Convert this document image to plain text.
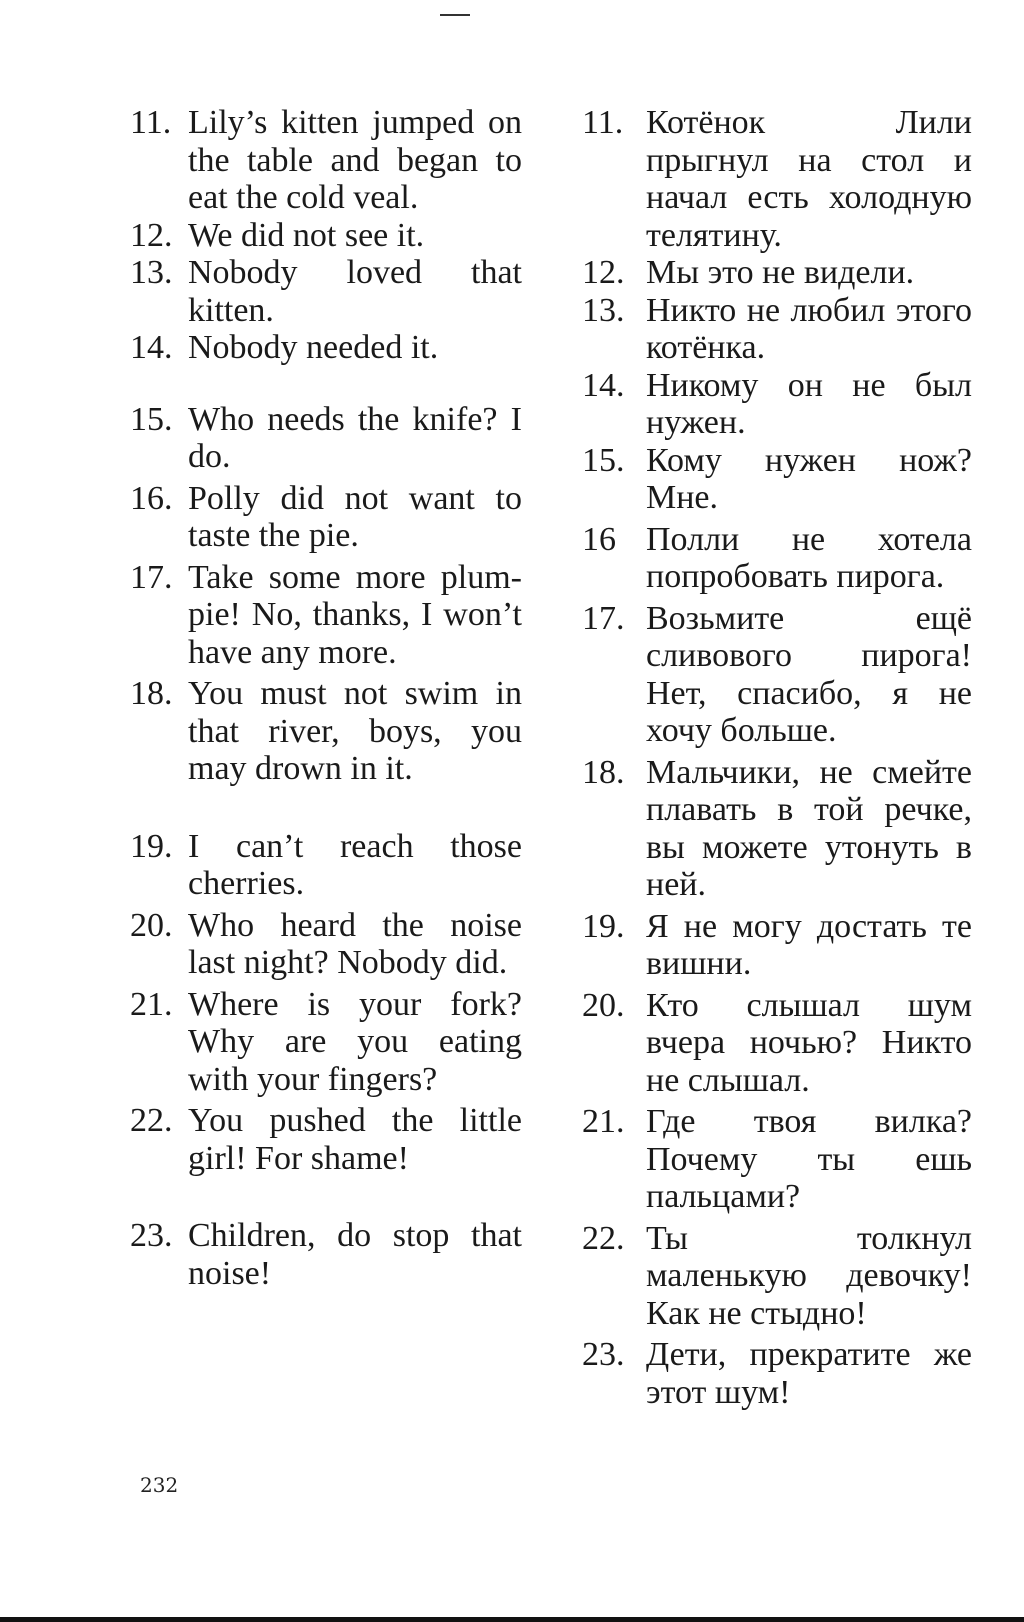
11. Lily’s kitten jumped on the table and began to eat the cold veal.
12. We did not see it.
13. Nobody loved that kitten.
14. Nobody needed it.
15. Who needs the knife? I do.
16. Polly did not want to taste the pie.
17. Take some more plum-pie! No, thanks, I won’t have any more.
18. You must not swim in that river, boys, you may drown in it.
19. I can’t reach those cherries.
20. Who heard the noise last night? Nobody did.
21. Where is your fork? Why are you eating with your fingers?
22. You pushed the little girl! For shame!
23. Children, do stop that noise!
11. Котёнок Лили прыгнул на стол и начал есть холодную телятину.
12. Мы это не видели.
13. Никто не любил этого котёнка.
14. Никому он не был нужен.
15. Кому нужен нож? Мне.
16 Полли не хотела попробовать пирога.
17. Возьмите ещё сливового пирога! Нет, спасибо, я не хочу больше.
18. Мальчики, не смейте плавать в той речке, вы можете утонуть в ней.
19. Я не могу достать те вишни.
20. Кто слышал шум вчера ночью? Никто не слышал.
21. Где твоя вилка? Почему ты ешь пальцами?
22. Ты толкнул маленькую девочку! Как не стыдно!
23. Дети, прекратите же этот шум!
232
